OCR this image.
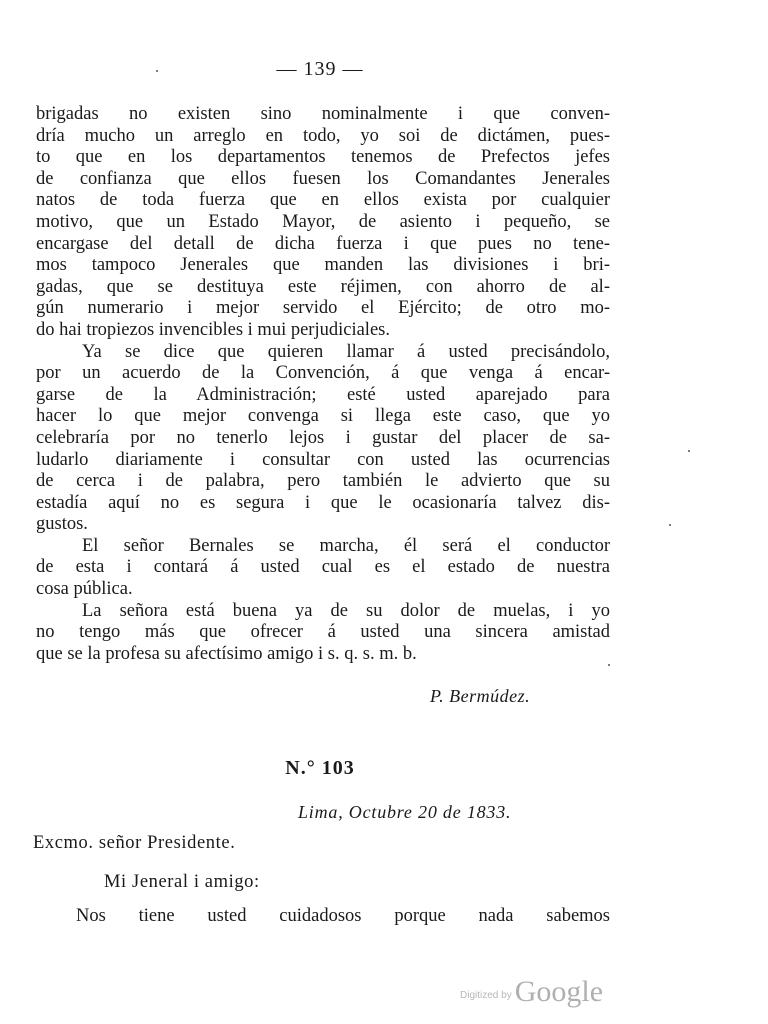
— 139 —
brigadas no existen sino nominalmente i que conven-
dría mucho un arreglo en todo, yo soi de dictámen, pues-
to que en los departamentos tenemos de Prefectos jefes
de confianza que ellos fuesen los Comandantes Jenerales
natos de toda fuerza que en ellos exista por cualquier
motivo, que un Estado Mayor, de asiento i pequeño, se
encargase del detall de dicha fuerza i que pues no tene-
mos tampoco Jenerales que manden las divisiones i bri-
gadas, que se destituya este réjimen, con ahorro de al-
gún numerario i mejor servido el Ejército; de otro mo-
do hai tropiezos invencibles i mui perjudiciales.
Ya se dice que quieren llamar á usted precisándolo,
por un acuerdo de la Convención, á que venga á encar-
garse de la Administración; esté usted aparejado para
hacer lo que mejor convenga si llega este caso, que yo
celebraría por no tenerlo lejos i gustar del placer de sa-
ludarlo diariamente i consultar con usted las ocurrencias
de cerca i de palabra, pero también le advierto que su
estadía aquí no es segura i que le ocasionaría talvez dis-
gustos.
El señor Bernales se marcha, él será el conductor
de esta i contará á usted cual es el estado de nuestra
cosa pública.
La señora está buena ya de su dolor de muelas, i yo
no tengo más que ofrecer á usted una sincera amistad
que se la profesa su afectísimo amigo i s. q. s. m. b.
P. Bermúdez.
N.° 103
Lima, Octubre 20 de 1833.
Excmo. señor Presidente.
Mi Jeneral i amigo:
Nos tiene usted cuidadosos porque nada sabemos
Digitized by Google
